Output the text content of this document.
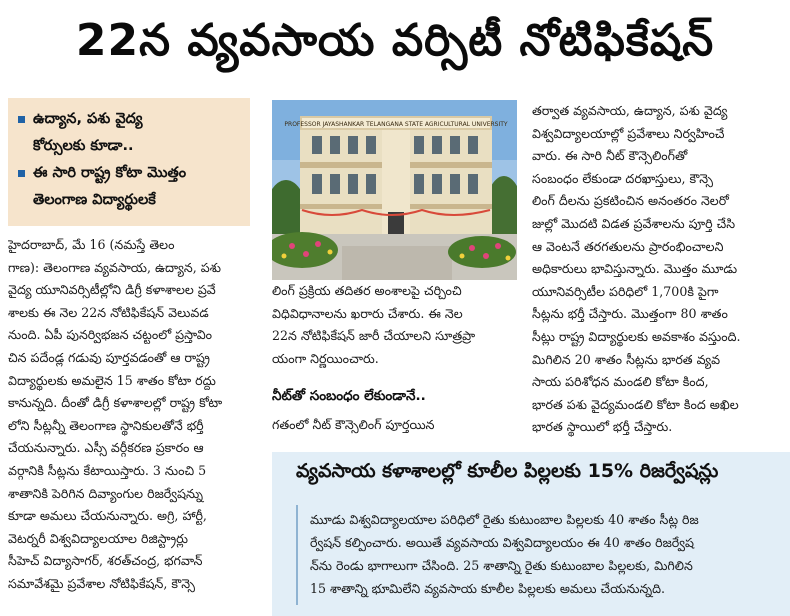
22న వ్యవసాయ వర్సిటీ నోటిఫికేషన్
ఉద్యాన, పశు వైద్య
కోర్సులకు కూడా..
ఈ సారి రాష్ట్ర కోటా మొత్తం
తెలంగాణ విద్యార్థులకే
PROFESSOR JAYASHANKAR TELANGANA STATE AGRICULTURAL UNIVERSITY

హైదరాబాద్, మే 16 (నమస్తే తెలం

గాణ): తెలంగాణ వ్యవసాయ, ఉద్యాన, పశు

వైద్య యూనివర్సిటీల్లోని డిగ్రీ కళాశాలల ప్రవే

శాలకు ఈ నెల 22న నోటిఫికేషన్ వెలువడ

నుంది. ఏపీ పునర్విభజన చట్టంలో ప్రస్తావిం

చిన పదేండ్ల గడువు పూర్తవడంతో ఆ రాష్ట్ర

విద్యార్థులకు అమలైన 15 శాతం కోటా రద్దు

కానున్నది. దీంతో డిగ్రీ కళాశాలల్లో రాష్ట్ర కోటా

లోని సీట్లన్నీ తెలంగాణ స్థానికులతోనే భర్తీ

చేయనున్నారు. ఎస్సీ వర్గీకరణ ప్రకారం ఆ

వర్గానికి సీట్లను కేటాయిస్తారు. 3 నుంచి 5

శాతానికి పెరిగిన దివ్యాంగుల రిజర్వేషన్ను

కూడా అమలు చేయనున్నారు. అగ్రి, హార్టీ,

వెటర్నరీ విశ్వవిద్యాలయాల రిజిస్ట్రార్లు

సీహెచ్ విద్యాసాగర్, శరత్‌చంద్ర, భగవాన్

సమావేశమై ప్రవేశాల నోటిఫికేషన్, కౌన్సె

లింగ్ ప్రక్రియ తదితర అంశాలపై చర్చించి

విధివిధానాలను ఖరారు చేశారు. ఈ నెల

22న నోటిఫికేషన్ జారీ చేయాలని సూత్రప్రా

యంగా నిర్ణయించారు.

నీట్‌తో సంబంధం లేకుండానే..

గతంలో నీట్ కౌన్సెలింగ్ పూర్తయిన

తర్వాత వ్యవసాయ, ఉద్యాన, పశు వైద్య

విశ్వవిద్యాలయాల్లో ప్రవేశాలు నిర్వహించే

వారు. ఈ సారి నీట్ కౌన్సెలింగ్‌తో

సంబంధం లేకుండా దరఖాస్తులు, కౌన్సె

లింగ్ దీలను ప్రకటించిన అనంతరం నెలరో

జుల్లో మొదటి విడత ప్రవేశాలను పూర్తి చేసి

ఆ వెంటనే తరగతులను ప్రారంభించాలని

అధికారులు భావిస్తున్నారు. మొత్తం మూడు

యూనివర్సిటీల పరిధిలో 1,700కి పైగా

సీట్లను భర్తీ చేస్తారు. మొత్తంగా 80 శాతం

సీట్లు రాష్ట్ర విద్యార్థులకు అవకాశం వస్తుంది.

మిగిలిన 20 శాతం సీట్లను భారత వ్యవ

సాయ పరిశోధన మండలి కోటా కింద,

భారత పశు వైద్యమండలి కోటా కింద అఖిల

భారత స్థాయిలో భర్తీ చేస్తారు.

వ్యవసాయ కళాశాలల్లో కూలీల పిల్లలకు 15% రిజర్వేషన్లు

మూడు విశ్వవిద్యాలయాల పరిధిలో రైతు కుటుంబాల పిల్లలకు 40 శాతం సీట్ల రిజ

ర్వేషన్ కల్పించారు. అయితే వ్యవసాయ విశ్వవిద్యాలయం ఈ 40 శాతం రిజర్వేష

న్‌ను రెండు భాగాలుగా చేసింది. 25 శాతాన్ని రైతు కుటుంబాల పిల్లలకు, మిగిలిన

15 శాతాన్ని భూమిలేని వ్యవసాయ కూలీల పిల్లలకు అమలు చేయనున్నది.
